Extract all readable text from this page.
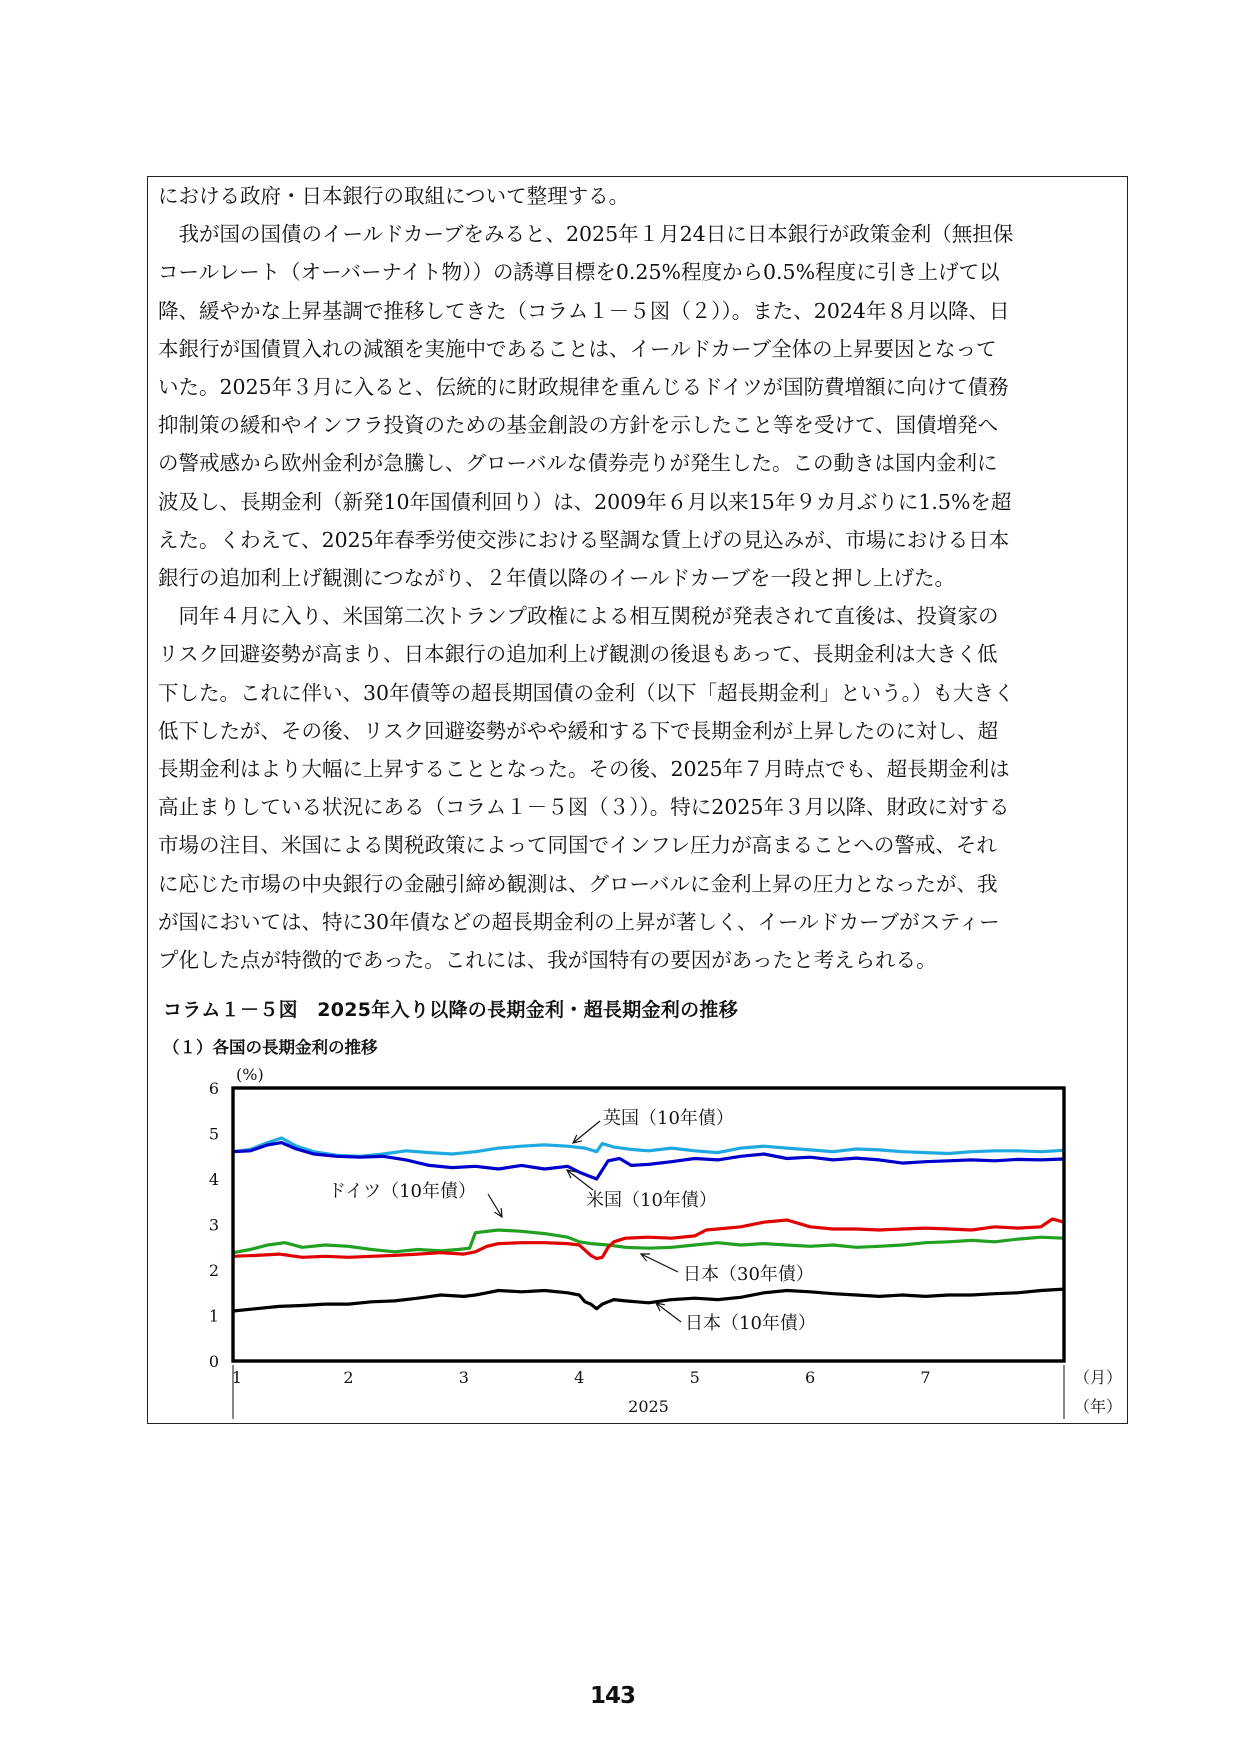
における政府・日本銀行の取組について整理する。

　我が国の国債のイールドカーブをみると、2025年１月24日に日本銀行が政策金利（無担保

コールレート（オーバーナイト物））の誘導目標を0.25%程度から0.5%程度に引き上げて以

降、緩やかな上昇基調で推移してきた（コラム１－５図（２））。また、2024年８月以降、日

本銀行が国債買入れの減額を実施中であることは、イールドカーブ全体の上昇要因となって

いた。2025年３月に入ると、伝統的に財政規律を重んじるドイツが国防費増額に向けて債務

抑制策の緩和やインフラ投資のための基金創設の方針を示したこと等を受けて、国債増発へ

の警戒感から欧州金利が急騰し、グローバルな債券売りが発生した。この動きは国内金利に

波及し、長期金利（新発10年国債利回り）は、2009年６月以来15年９カ月ぶりに1.5%を超

えた。くわえて、2025年春季労使交渉における堅調な賃上げの見込みが、市場における日本

銀行の追加利上げ観測につながり、２年債以降のイールドカーブを一段と押し上げた。

　同年４月に入り、米国第二次トランプ政権による相互関税が発表されて直後は、投資家の

リスク回避姿勢が高まり、日本銀行の追加利上げ観測の後退もあって、長期金利は大きく低

下した。これに伴い、30年債等の超長期国債の金利（以下「超長期金利」という。）も大きく

低下したが、その後、リスク回避姿勢がやや緩和する下で長期金利が上昇したのに対し、超

長期金利はより大幅に上昇することとなった。その後、2025年７月時点でも、超長期金利は

高止まりしている状況にある（コラム１－５図（３））。特に2025年３月以降、財政に対する

市場の注目、米国による関税政策によって同国でインフレ圧力が高まることへの警戒、それ

に応じた市場の中央銀行の金融引締め観測は、グローバルに金利上昇の圧力となったが、我

が国においては、特に30年債などの超長期金利の上昇が著しく、イールドカーブがスティー

プ化した点が特徴的であった。これには、我が国特有の要因があったと考えられる。

コラム１－５図　2025年入り以降の長期金利・超長期金利の推移
（１）各国の長期金利の推移
0
1
2
3
4
5
6
(%)
1	2	3	4	5	6	7	（月）
2025	（年）
英国（10年債）
米国（10年債）
ドイツ（10年債）
日本（30年債）
日本（10年債）
143
